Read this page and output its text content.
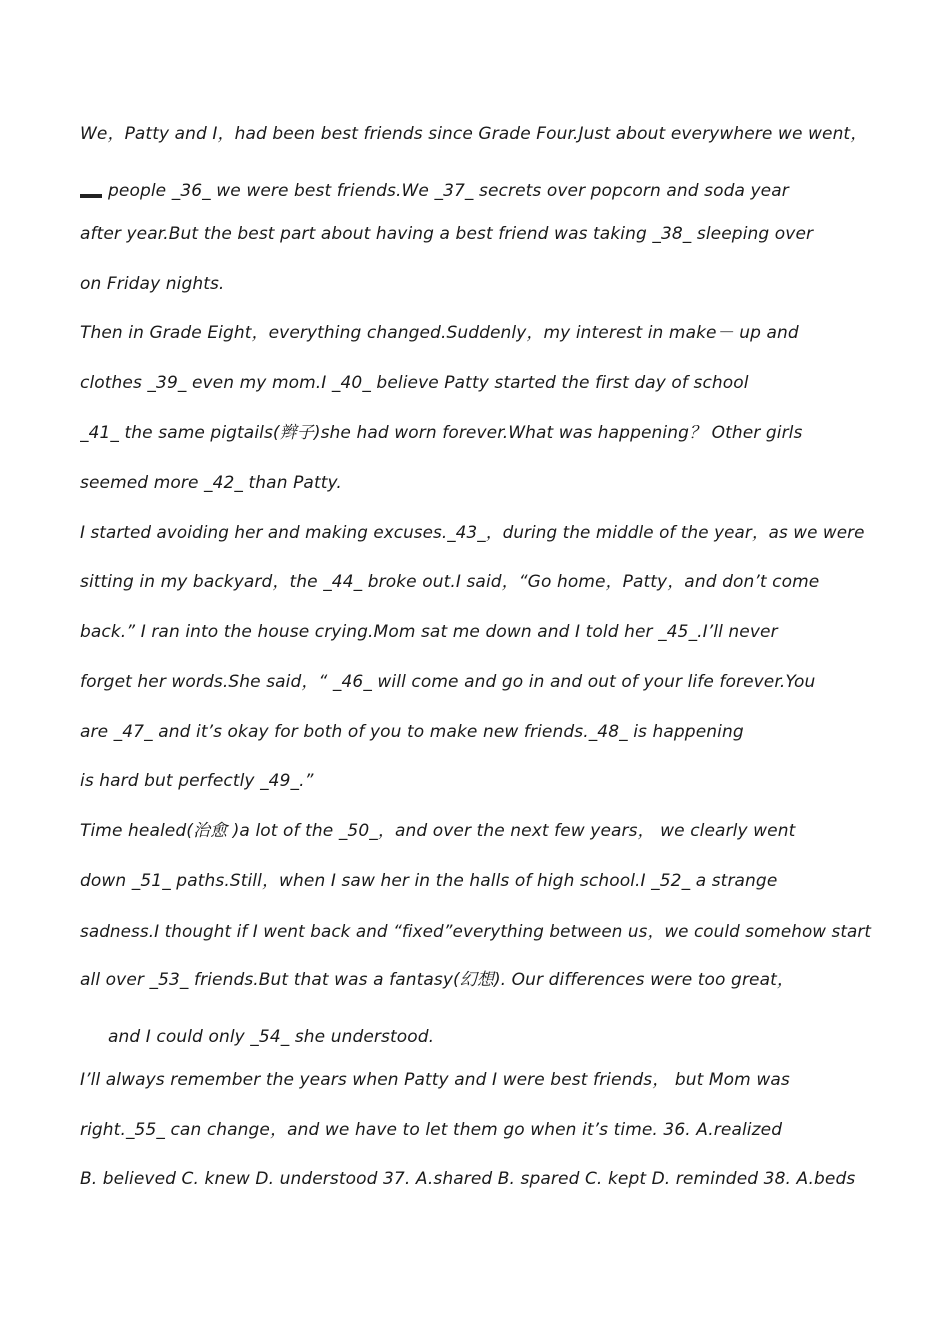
We，Patty and I，had been best friends since Grade Four.Just about everywhere we went，
people _36_ we were best friends.We _37_ secrets over popcorn and soda year
after year.But the best part about having a best friend was taking _38_ sleeping over
on Friday nights.
Then in Grade Eight，everything changed.Suddenly，my interest in make－ up and
clothes _39_ even my mom.I _40_ believe Patty started the first day of school
_41_ the same pigtails(辫子)she had worn forever.What was happening？ Other girls
seemed more _42_ than Patty.
I started avoiding her and making excuses._43_，during the middle of the year，as we were
sitting in my backyard，the _44_ broke out.I said，“Go home，Patty，and don’t come
back.” I ran into the house crying.Mom sat me down and I told her _45_.I’ll never
forget her words.She said，“ _46_ will come and go in and out of your life forever.You
are _47_ and it’s okay for both of you to make new friends._48_ is happening
is hard but perfectly _49_.”
Time healed(治愈 )a lot of the _50_，and over the next few years， we clearly went
down _51_ paths.Still，when I saw her in the halls of high school.I _52_ a strange
sadness.I thought if I went back and “fixed”everything between us，we could somehow start
all over _53_ friends.But that was a fantasy(幻想). Our differences were too great，
and I could only _54_ she understood.
I’ll always remember the years when Patty and I were best friends， but Mom was
right._55_ can change，and we have to let them go when it’s time. 36. A.realized
B. believed C. knew D. understood 37. A.shared B. spared C. kept D. reminded 38. A.beds
